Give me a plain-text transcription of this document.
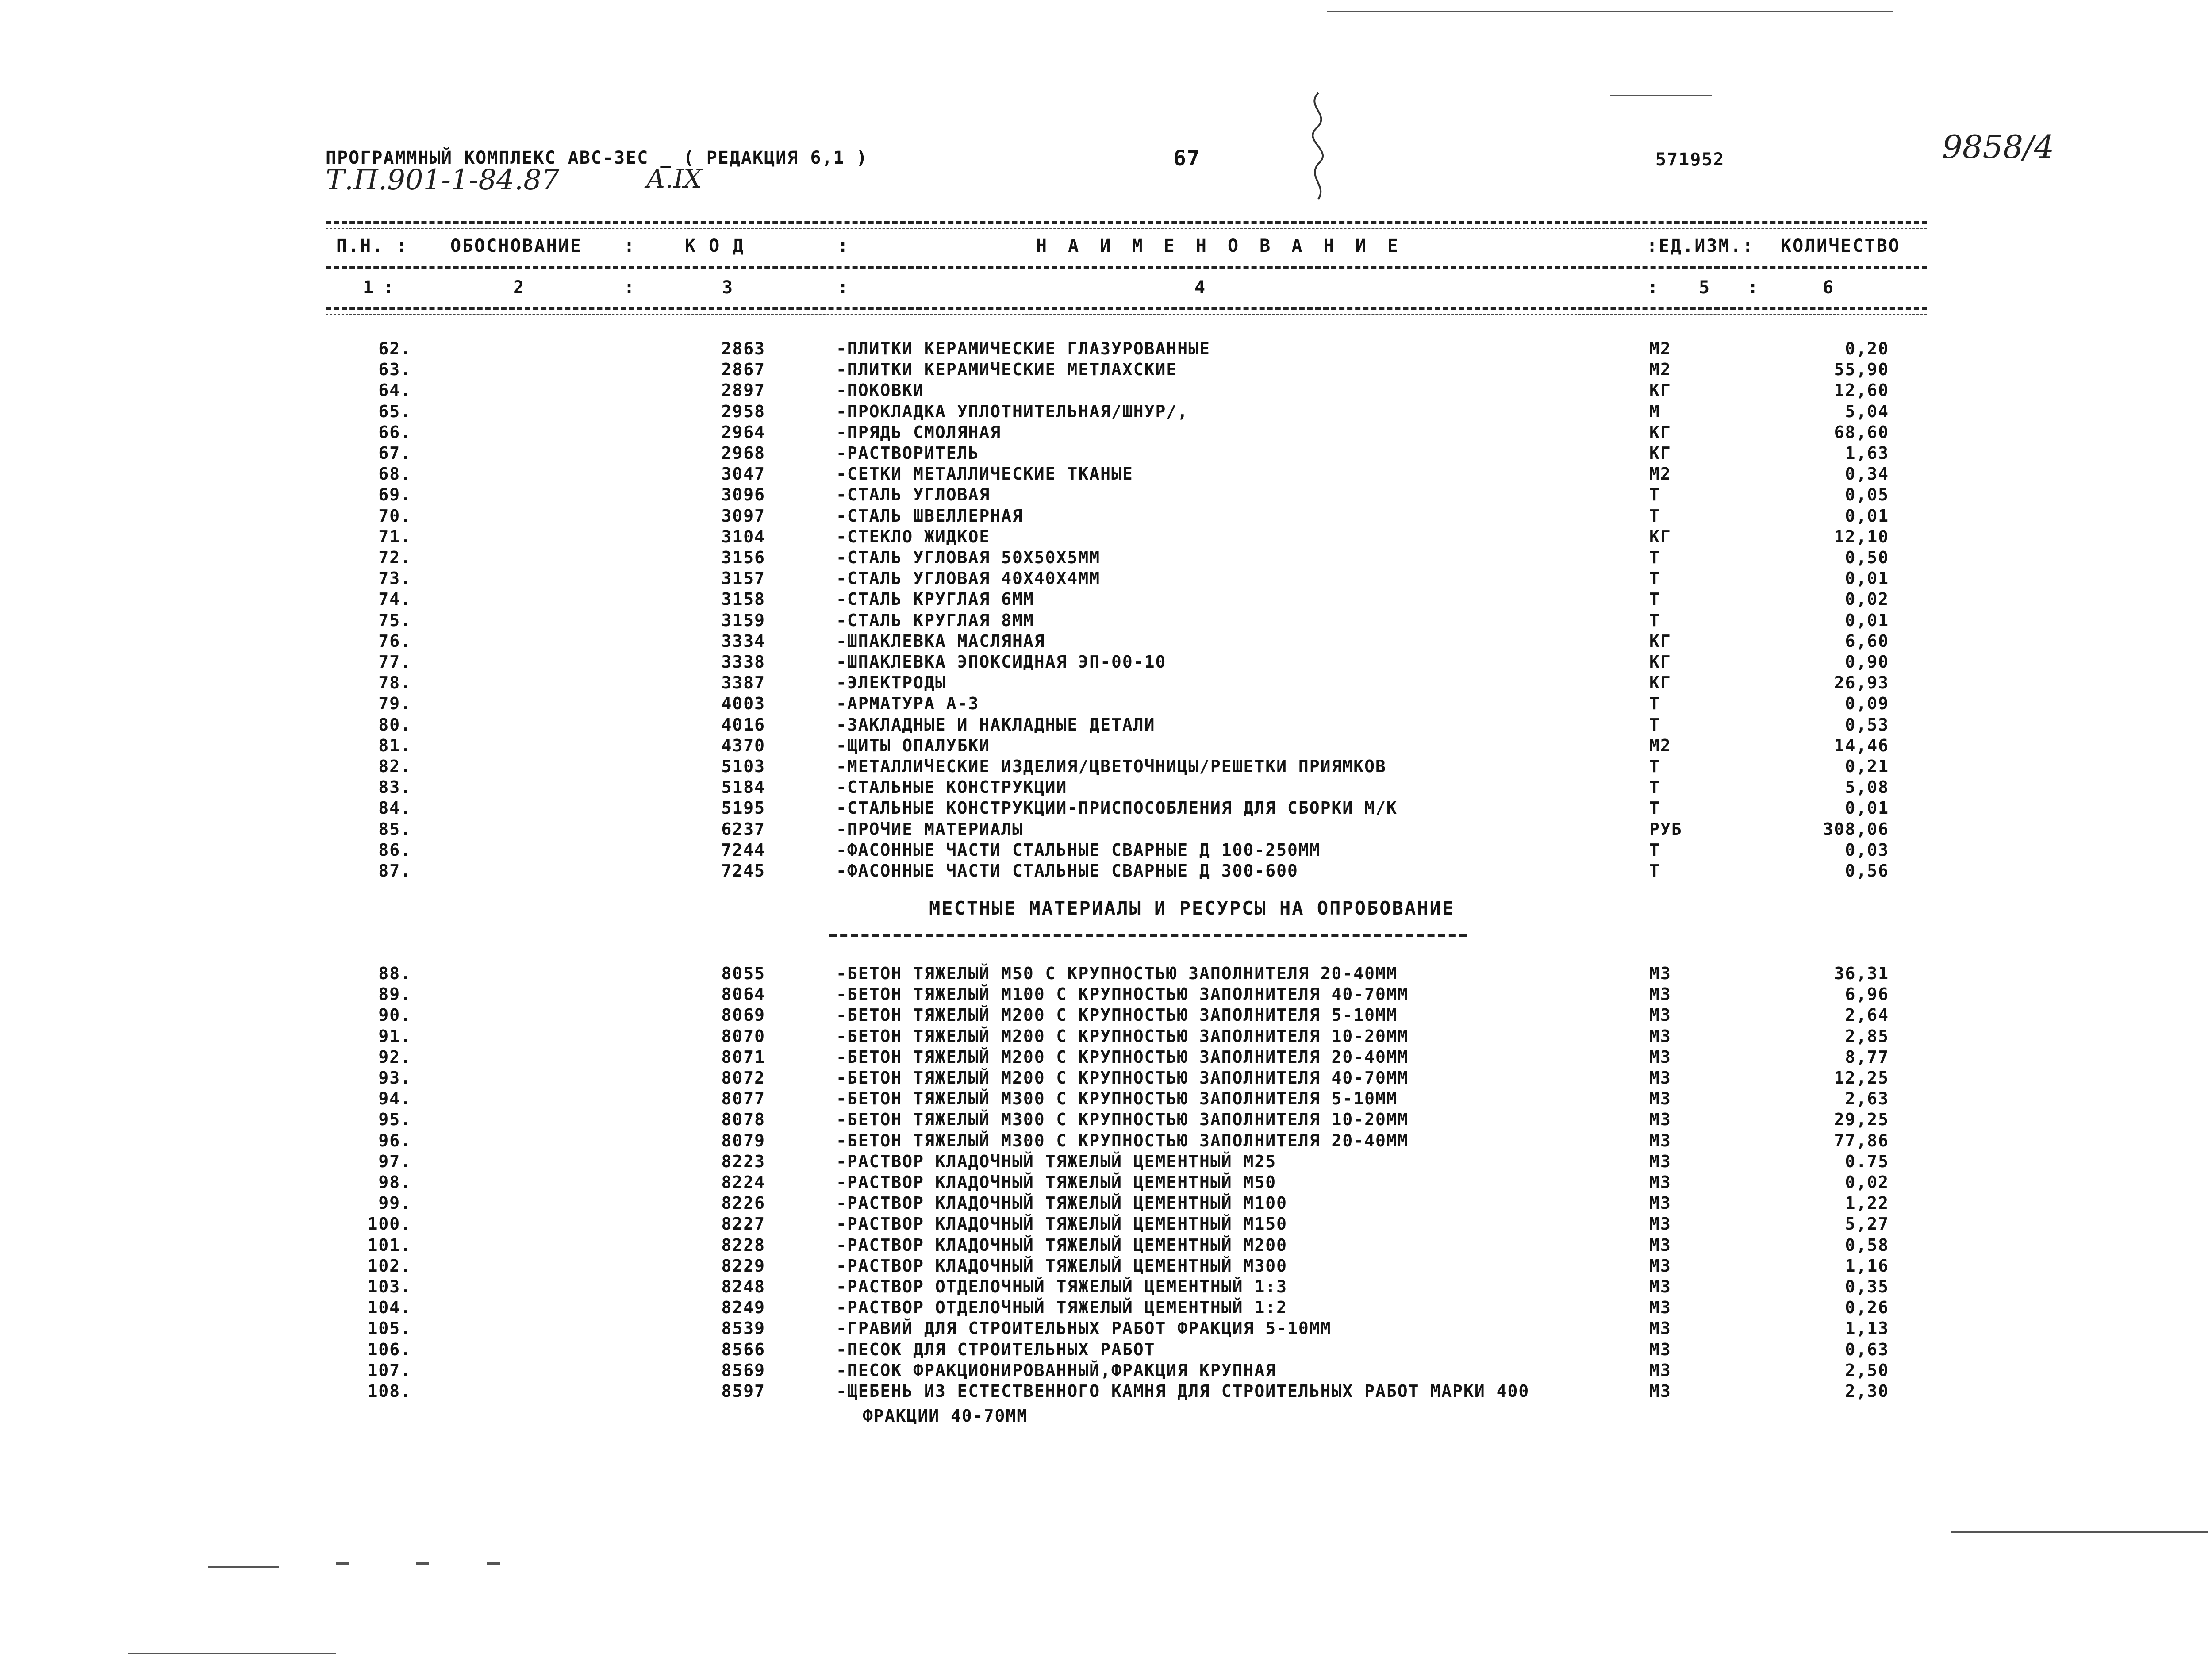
ПРОГРАММНЫЙ КОМПЛЕКС АВС-3ЕС _ ( РЕДАКЦИЯ 6,1 )	67	571952
Т.П.901-1-84.87	А.IX
9858/4
П.Н. : ОБОСНОВАНИЕ :	К О Д	:	Н А И М Е Н О В А Н И Е	:ЕД.ИЗМ.: КОЛИЧЕСТВО
1 :	2	:	3	:	4	: 5 :	6
62.	2863	-ПЛИТКИ КЕРАМИЧЕСКИЕ ГЛАЗУРОВАННЫЕ	М2	0,20
63.	2867	-ПЛИТКИ КЕРАМИЧЕСКИЕ МЕТЛАХСКИЕ	М2	55,90
64.	2897	-ПОКОВКИ	КГ	12,60
65.	2958	-ПРОКЛАДКА УПЛОТНИТЕЛЬНАЯ/ШНУР/,	М	5,04
66.	2964	-ПРЯДЬ СМОЛЯНАЯ	КГ	68,60
67.	2968	-РАСТВОРИТЕЛЬ	КГ	1,63
68.	3047	-СЕТКИ МЕТАЛЛИЧЕСКИЕ ТКАНЫЕ	М2	0,34
69.	3096	-СТАЛЬ УГЛОВАЯ	Т	0,05
70.	3097	-СТАЛЬ ШВЕЛЛЕРНАЯ	Т	0,01
71.	3104	-СТЕКЛО ЖИДКОЕ	КГ	12,10
72.	3156	-СТАЛЬ УГЛОВАЯ 50Х50Х5ММ	Т	0,50
73.	3157	-СТАЛЬ УГЛОВАЯ 40Х40Х4ММ	Т	0,01
74.	3158	-СТАЛЬ КРУГЛАЯ 6ММ	Т	0,02
75.	3159	-СТАЛЬ КРУГЛАЯ 8ММ	Т	0,01
76.	3334	-ШПАКЛЕВКА МАСЛЯНАЯ	КГ	6,60
77.	3338	-ШПАКЛЕВКА ЭПОКСИДНАЯ ЭП-00-10	КГ	0,90
78.	3387	-ЭЛЕКТРОДЫ	КГ	26,93
79.	4003	-АРМАТУРА А-3	Т	0,09
80.	4016	-ЗАКЛАДНЫЕ И НАКЛАДНЫЕ ДЕТАЛИ	Т	0,53
81.	4370	-ЩИТЫ ОПАЛУБКИ	М2	14,46
82.	5103	-МЕТАЛЛИЧЕСКИЕ ИЗДЕЛИЯ/ЦВЕТОЧНИЦЫ/РЕШЕТКИ ПРИЯМКОВ	Т	0,21
83.	5184	-СТАЛЬНЫЕ КОНСТРУКЦИИ	Т	5,08
84.	5195	-СТАЛЬНЫЕ КОНСТРУКЦИИ-ПРИСПОСОБЛЕНИЯ ДЛЯ СБОРКИ М/К	Т	0,01
85.	6237	-ПРОЧИЕ МАТЕРИАЛЫ	РУБ	308,06
86.	7244	-ФАСОННЫЕ ЧАСТИ СТАЛЬНЫЕ СВАРНЫЕ Д 100-250ММ	Т	0,03
87.	7245	-ФАСОННЫЕ ЧАСТИ СТАЛЬНЫЕ СВАРНЫЕ Д 300-600	Т	0,56
МЕСТНЫЕ МАТЕРИАЛЫ И РЕСУРСЫ НА ОПРОБОВАНИЕ
88.	8055	-БЕТОН ТЯЖЕЛЫЙ М50 С КРУПНОСТЬЮ ЗАПОЛНИТЕЛЯ 20-40ММ	М3	36,31
89.	8064	-БЕТОН ТЯЖЕЛЫЙ М100 С КРУПНОСТЬЮ ЗАПОЛНИТЕЛЯ 40-70ММ	М3	6,96
90.	8069	-БЕТОН ТЯЖЕЛЫЙ М200 С КРУПНОСТЬЮ ЗАПОЛНИТЕЛЯ 5-10ММ	М3	2,64
91.	8070	-БЕТОН ТЯЖЕЛЫЙ М200 С КРУПНОСТЬЮ ЗАПОЛНИТЕЛЯ 10-20ММ	М3	2,85
92.	8071	-БЕТОН ТЯЖЕЛЫЙ М200 С КРУПНОСТЬЮ ЗАПОЛНИТЕЛЯ 20-40ММ	М3	8,77
93.	8072	-БЕТОН ТЯЖЕЛЫЙ М200 С КРУПНОСТЬЮ ЗАПОЛНИТЕЛЯ 40-70ММ	М3	12,25
94.	8077	-БЕТОН ТЯЖЕЛЫЙ М300 С КРУПНОСТЬЮ ЗАПОЛНИТЕЛЯ 5-10ММ	М3	2,63
95.	8078	-БЕТОН ТЯЖЕЛЫЙ М300 С КРУПНОСТЬЮ ЗАПОЛНИТЕЛЯ 10-20ММ	М3	29,25
96.	8079	-БЕТОН ТЯЖЕЛЫЙ М300 С КРУПНОСТЬЮ ЗАПОЛНИТЕЛЯ 20-40ММ	М3	77,86
97.	8223	-РАСТВОР КЛАДОЧНЫЙ ТЯЖЕЛЫЙ ЦЕМЕНТНЫЙ М25	М3	0.75
98.	8224	-РАСТВОР КЛАДОЧНЫЙ ТЯЖЕЛЫЙ ЦЕМЕНТНЫЙ М50	М3	0,02
99.	8226	-РАСТВОР КЛАДОЧНЫЙ ТЯЖЕЛЫЙ ЦЕМЕНТНЫЙ М100	М3	1,22
100.	8227	-РАСТВОР КЛАДОЧНЫЙ ТЯЖЕЛЫЙ ЦЕМЕНТНЫЙ М150	М3	5,27
101.	8228	-РАСТВОР КЛАДОЧНЫЙ ТЯЖЕЛЫЙ ЦЕМЕНТНЫЙ М200	М3	0,58
102.	8229	-РАСТВОР КЛАДОЧНЫЙ ТЯЖЕЛЫЙ ЦЕМЕНТНЫЙ М300	М3	1,16
103.	8248	-РАСТВОР ОТДЕЛОЧНЫЙ ТЯЖЕЛЫЙ ЦЕМЕНТНЫЙ 1:3	М3	0,35
104.	8249	-РАСТВОР ОТДЕЛОЧНЫЙ ТЯЖЕЛЫЙ ЦЕМЕНТНЫЙ 1:2	М3	0,26
105.	8539	-ГРАВИЙ ДЛЯ СТРОИТЕЛЬНЫХ РАБОТ ФРАКЦИЯ 5-10ММ	М3	1,13
106.	8566	-ПЕСОК ДЛЯ СТРОИТЕЛЬНЫХ РАБОТ	М3	0,63
107.	8569	-ПЕСОК ФРАКЦИОНИРОВАННЫЙ,ФРАКЦИЯ КРУПНАЯ	М3	2,50
108.	8597	-ЩЕБЕНЬ ИЗ ЕСТЕСТВЕННОГО КАМНЯ ДЛЯ СТРОИТЕЛЬНЫХ РАБОТ МАРКИ 400	М3	2,30
ФРАКЦИИ 40-70ММ
